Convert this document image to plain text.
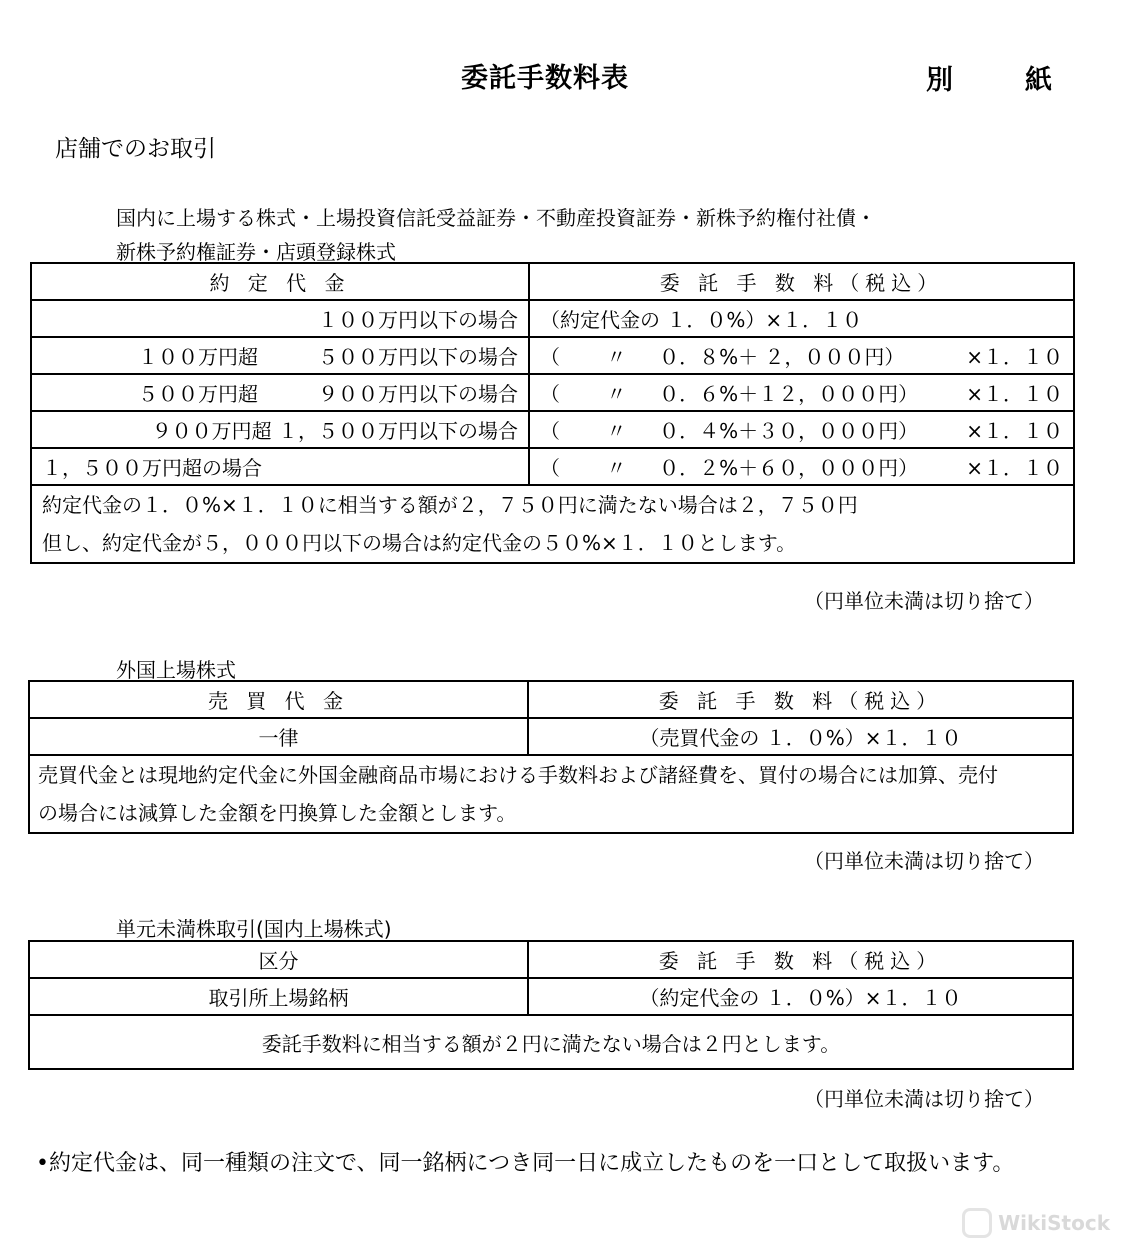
委託手数料表	別	紙
店舗でのお取引
国内に上場する株式・上場投資信託受益証券・不動産投資証券・新株予約権付社債・
新株予約権証券・店頭登録株式
約 定 代 金	委 託 手 数 料（税込）
１００万円以下の場合	（約定代金の １．０%）×１．１０
１００万円超　　　５００万円以下の場合	（　　 〃 　 ０．８%＋ ２，０００円） ×１．１０

５００万円超　　　９００万円以下の場合	（　　 〃 　 ０．６%＋１２，０００円） ×１．１０

９００万円超 １，５００万円以下の場合	（　　 〃 　 ０．４%＋３０，０００円） ×１．１０

１，５００万円超の場合	（　　 〃 　 ０．２%＋６０，０００円） ×１．１０

約定代金の１．０%×１．１０に相当する額が２，７５０円に満たない場合は２，７５０円
但し、約定代金が５，０００円以下の場合は約定代金の５０%×１．１０とします。	
（円単位未満は切り捨て）
外国上場株式
売 買 代 金	委 託 手 数 料（税込）
一律	（売買代金の １．０%）×１．１０

売買代金とは現地約定代金に外国金融商品市場における手数料および諸経費を、買付の場合には加算、売付
の場合には減算した金額を円換算した金額とします。	
（円単位未満は切り捨て）
単元未満株取引(国内上場株式)
区分	委 託 手 数 料（税込）
取引所上場銘柄	（約定代金の １．０%）×１．１０
委託手数料に相当する額が２円に満たない場合は２円とします。	
（円単位未満は切り捨て）
•約定代金は、同一種類の注文で、同一銘柄につき同一日に成立したものを一口として取扱います。
WikiStock
